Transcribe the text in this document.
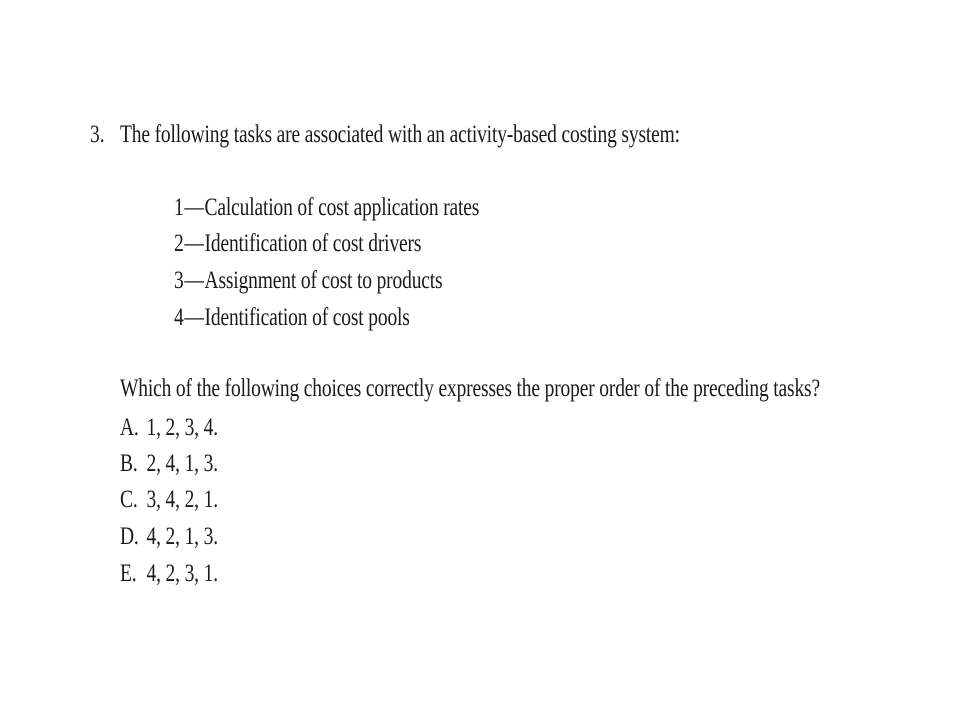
3. The following tasks are associated with an activity-based costing system:
1—Calculation of cost application rates
2—Identification of cost drivers
3—Assignment of cost to products
4—Identification of cost pools
Which of the following choices correctly expresses the proper order of the preceding tasks?
A. 1, 2, 3, 4.
B. 2, 4, 1, 3.
C. 3, 4, 2, 1.
D. 4, 2, 1, 3.
E. 4, 2, 3, 1.
